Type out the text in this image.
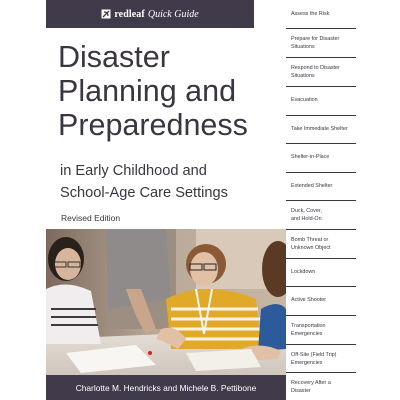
redleaf Quick Guide
Disaster
Planning and
Preparedness
in Early Childhood and
School-Age Care Settings
Revised Edition
Charlotte M. Hendricks and Michele B. Pettibone
Assess the Risk
Prepare for Disaster
Situations
Respond to Disaster
Situations
Evacuation
Take Immediate Shelter
Shelter-in-Place
Extended Shelter
Duck, Cover,
and Hold-On
Bomb Threat or
Unknown Object
Lockdown
Active Shooter
Transportation
Emergencies
Off-Site (Field Trip)
Emergencies
Recovery After a
Disaster
